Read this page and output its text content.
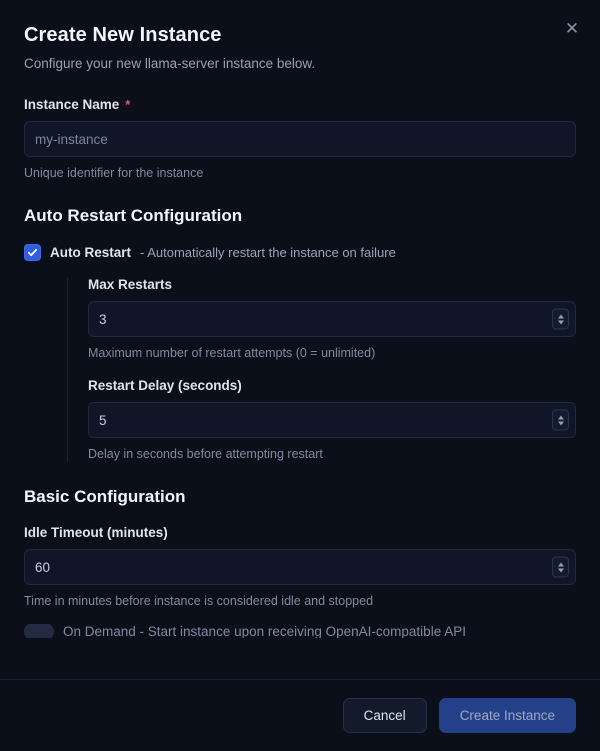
✕
Create New Instance
Configure your new llama-server instance below.
Instance Name *
my-instance
Unique identifier for the instance
Auto Restart Configuration
Auto Restart - Automatically restart the instance on failure
Max Restarts
3
Maximum number of restart attempts (0 = unlimited)
Restart Delay (seconds)
5
Delay in seconds before attempting restart
Basic Configuration
Idle Timeout (minutes)
60
Time in minutes before instance is considered idle and stopped
On Demand - Start instance upon receiving OpenAI-compatible API
Cancel	Create Instance
